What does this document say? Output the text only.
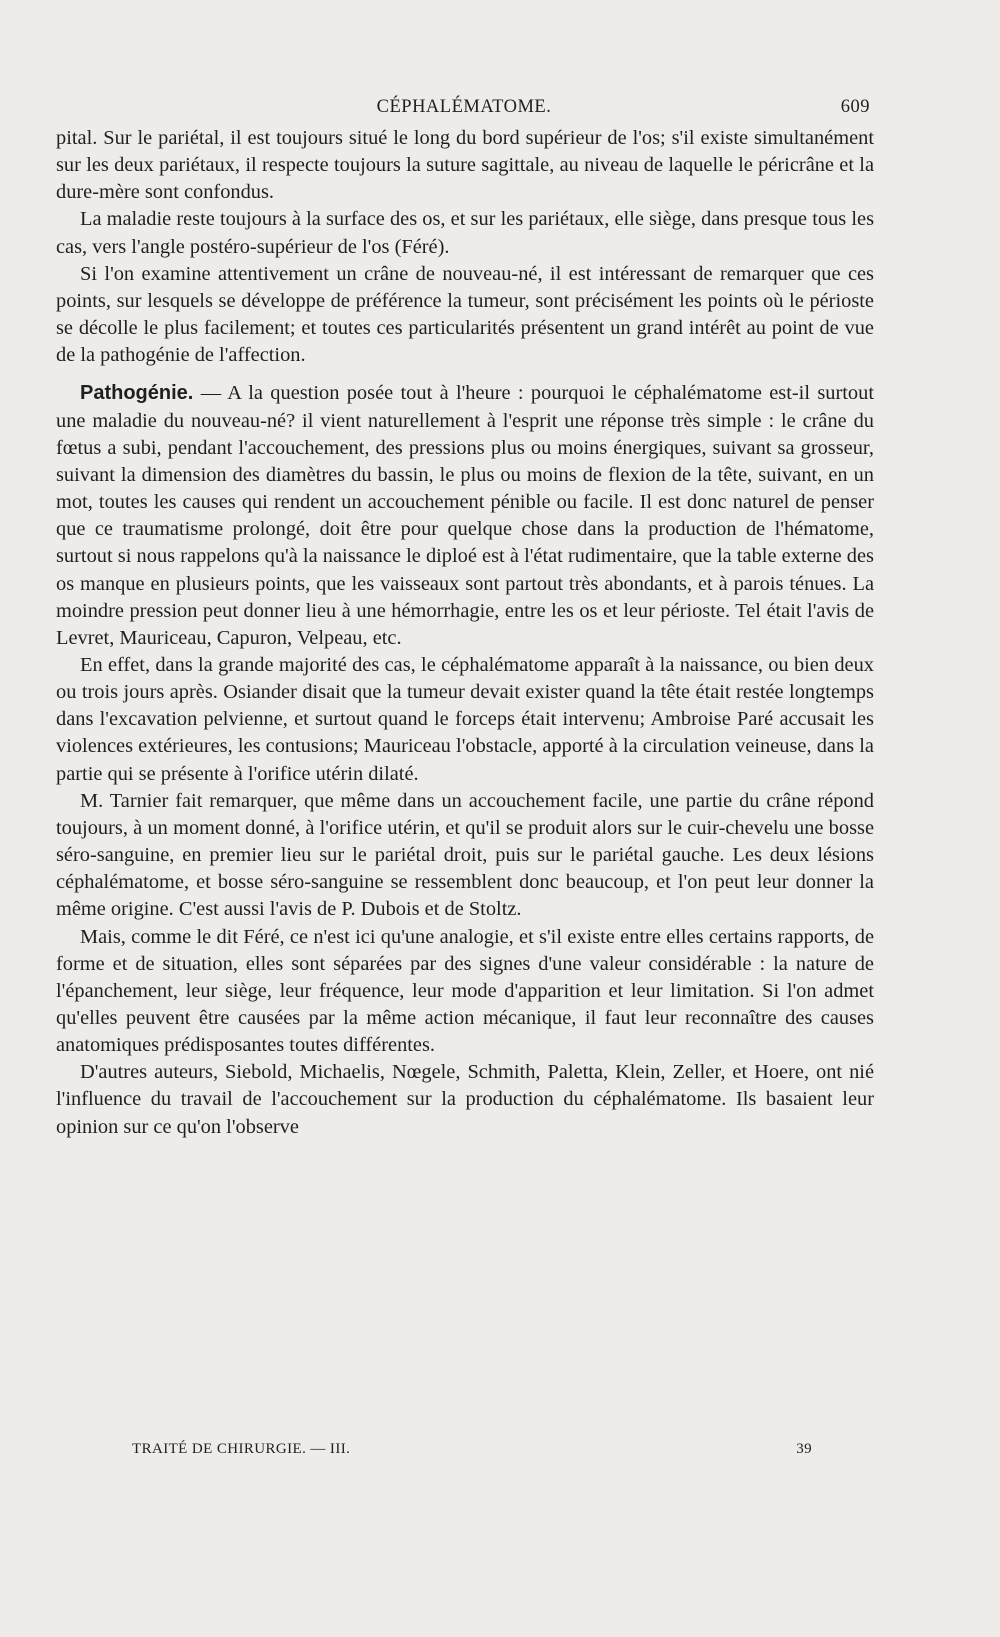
CÉPHALÉMATOME.	609

pital. Sur le pariétal, il est toujours situé le long du bord supérieur de l'os; s'il existe simultanément sur les deux pariétaux, il respecte toujours la suture sagittale, au niveau de laquelle le péricrâne et la dure-mère sont confondus.

La maladie reste toujours à la surface des os, et sur les pariétaux, elle siège, dans presque tous les cas, vers l'angle postéro-supérieur de l'os (Féré).

Si l'on examine attentivement un crâne de nouveau-né, il est intéressant de remarquer que ces points, sur lesquels se développe de préférence la tumeur, sont précisément les points où le périoste se décolle le plus facilement; et toutes ces particularités présentent un grand intérêt au point de vue de la pathogénie de l'affection.

Pathogénie. — A la question posée tout à l'heure : pourquoi le céphalématome est-il surtout une maladie du nouveau-né? il vient naturellement à l'esprit une réponse très simple : le crâne du fœtus a subi, pendant l'accouchement, des pressions plus ou moins énergiques, suivant sa grosseur, suivant la dimension des diamètres du bassin, le plus ou moins de flexion de la tête, suivant, en un mot, toutes les causes qui rendent un accouchement pénible ou facile. Il est donc naturel de penser que ce traumatisme prolongé, doit être pour quelque chose dans la production de l'hématome, surtout si nous rappelons qu'à la naissance le diploé est à l'état rudimentaire, que la table externe des os manque en plusieurs points, que les vaisseaux sont partout très abondants, et à parois ténues. La moindre pression peut donner lieu à une hémorrhagie, entre les os et leur périoste. Tel était l'avis de Levret, Mauriceau, Capuron, Velpeau, etc.

En effet, dans la grande majorité des cas, le céphalématome apparaît à la naissance, ou bien deux ou trois jours après. Osiander disait que la tumeur devait exister quand la tête était restée longtemps dans l'excavation pelvienne, et surtout quand le forceps était intervenu; Ambroise Paré accusait les violences extérieures, les contusions; Mauriceau l'obstacle, apporté à la circulation veineuse, dans la partie qui se présente à l'orifice utérin dilaté.

M. Tarnier fait remarquer, que même dans un accouchement facile, une partie du crâne répond toujours, à un moment donné, à l'orifice utérin, et qu'il se produit alors sur le cuir-chevelu une bosse séro-sanguine, en premier lieu sur le pariétal droit, puis sur le pariétal gauche. Les deux lésions céphalématome, et bosse séro-sanguine se ressemblent donc beaucoup, et l'on peut leur donner la même origine. C'est aussi l'avis de P. Dubois et de Stoltz.

Mais, comme le dit Féré, ce n'est ici qu'une analogie, et s'il existe entre elles certains rapports, de forme et de situation, elles sont séparées par des signes d'une valeur considérable : la nature de l'épanchement, leur siège, leur fréquence, leur mode d'apparition et leur limitation. Si l'on admet qu'elles peuvent être causées par la même action mécanique, il faut leur reconnaître des causes anatomiques prédisposantes toutes différentes.

D'autres auteurs, Siebold, Michaelis, Nœgele, Schmith, Paletta, Klein, Zeller, et Hoere, ont nié l'influence du travail de l'accouchement sur la production du céphalématome. Ils basaient leur opinion sur ce qu'on l'observe

TRAITÉ DE CHIRURGIE. — III.	39
